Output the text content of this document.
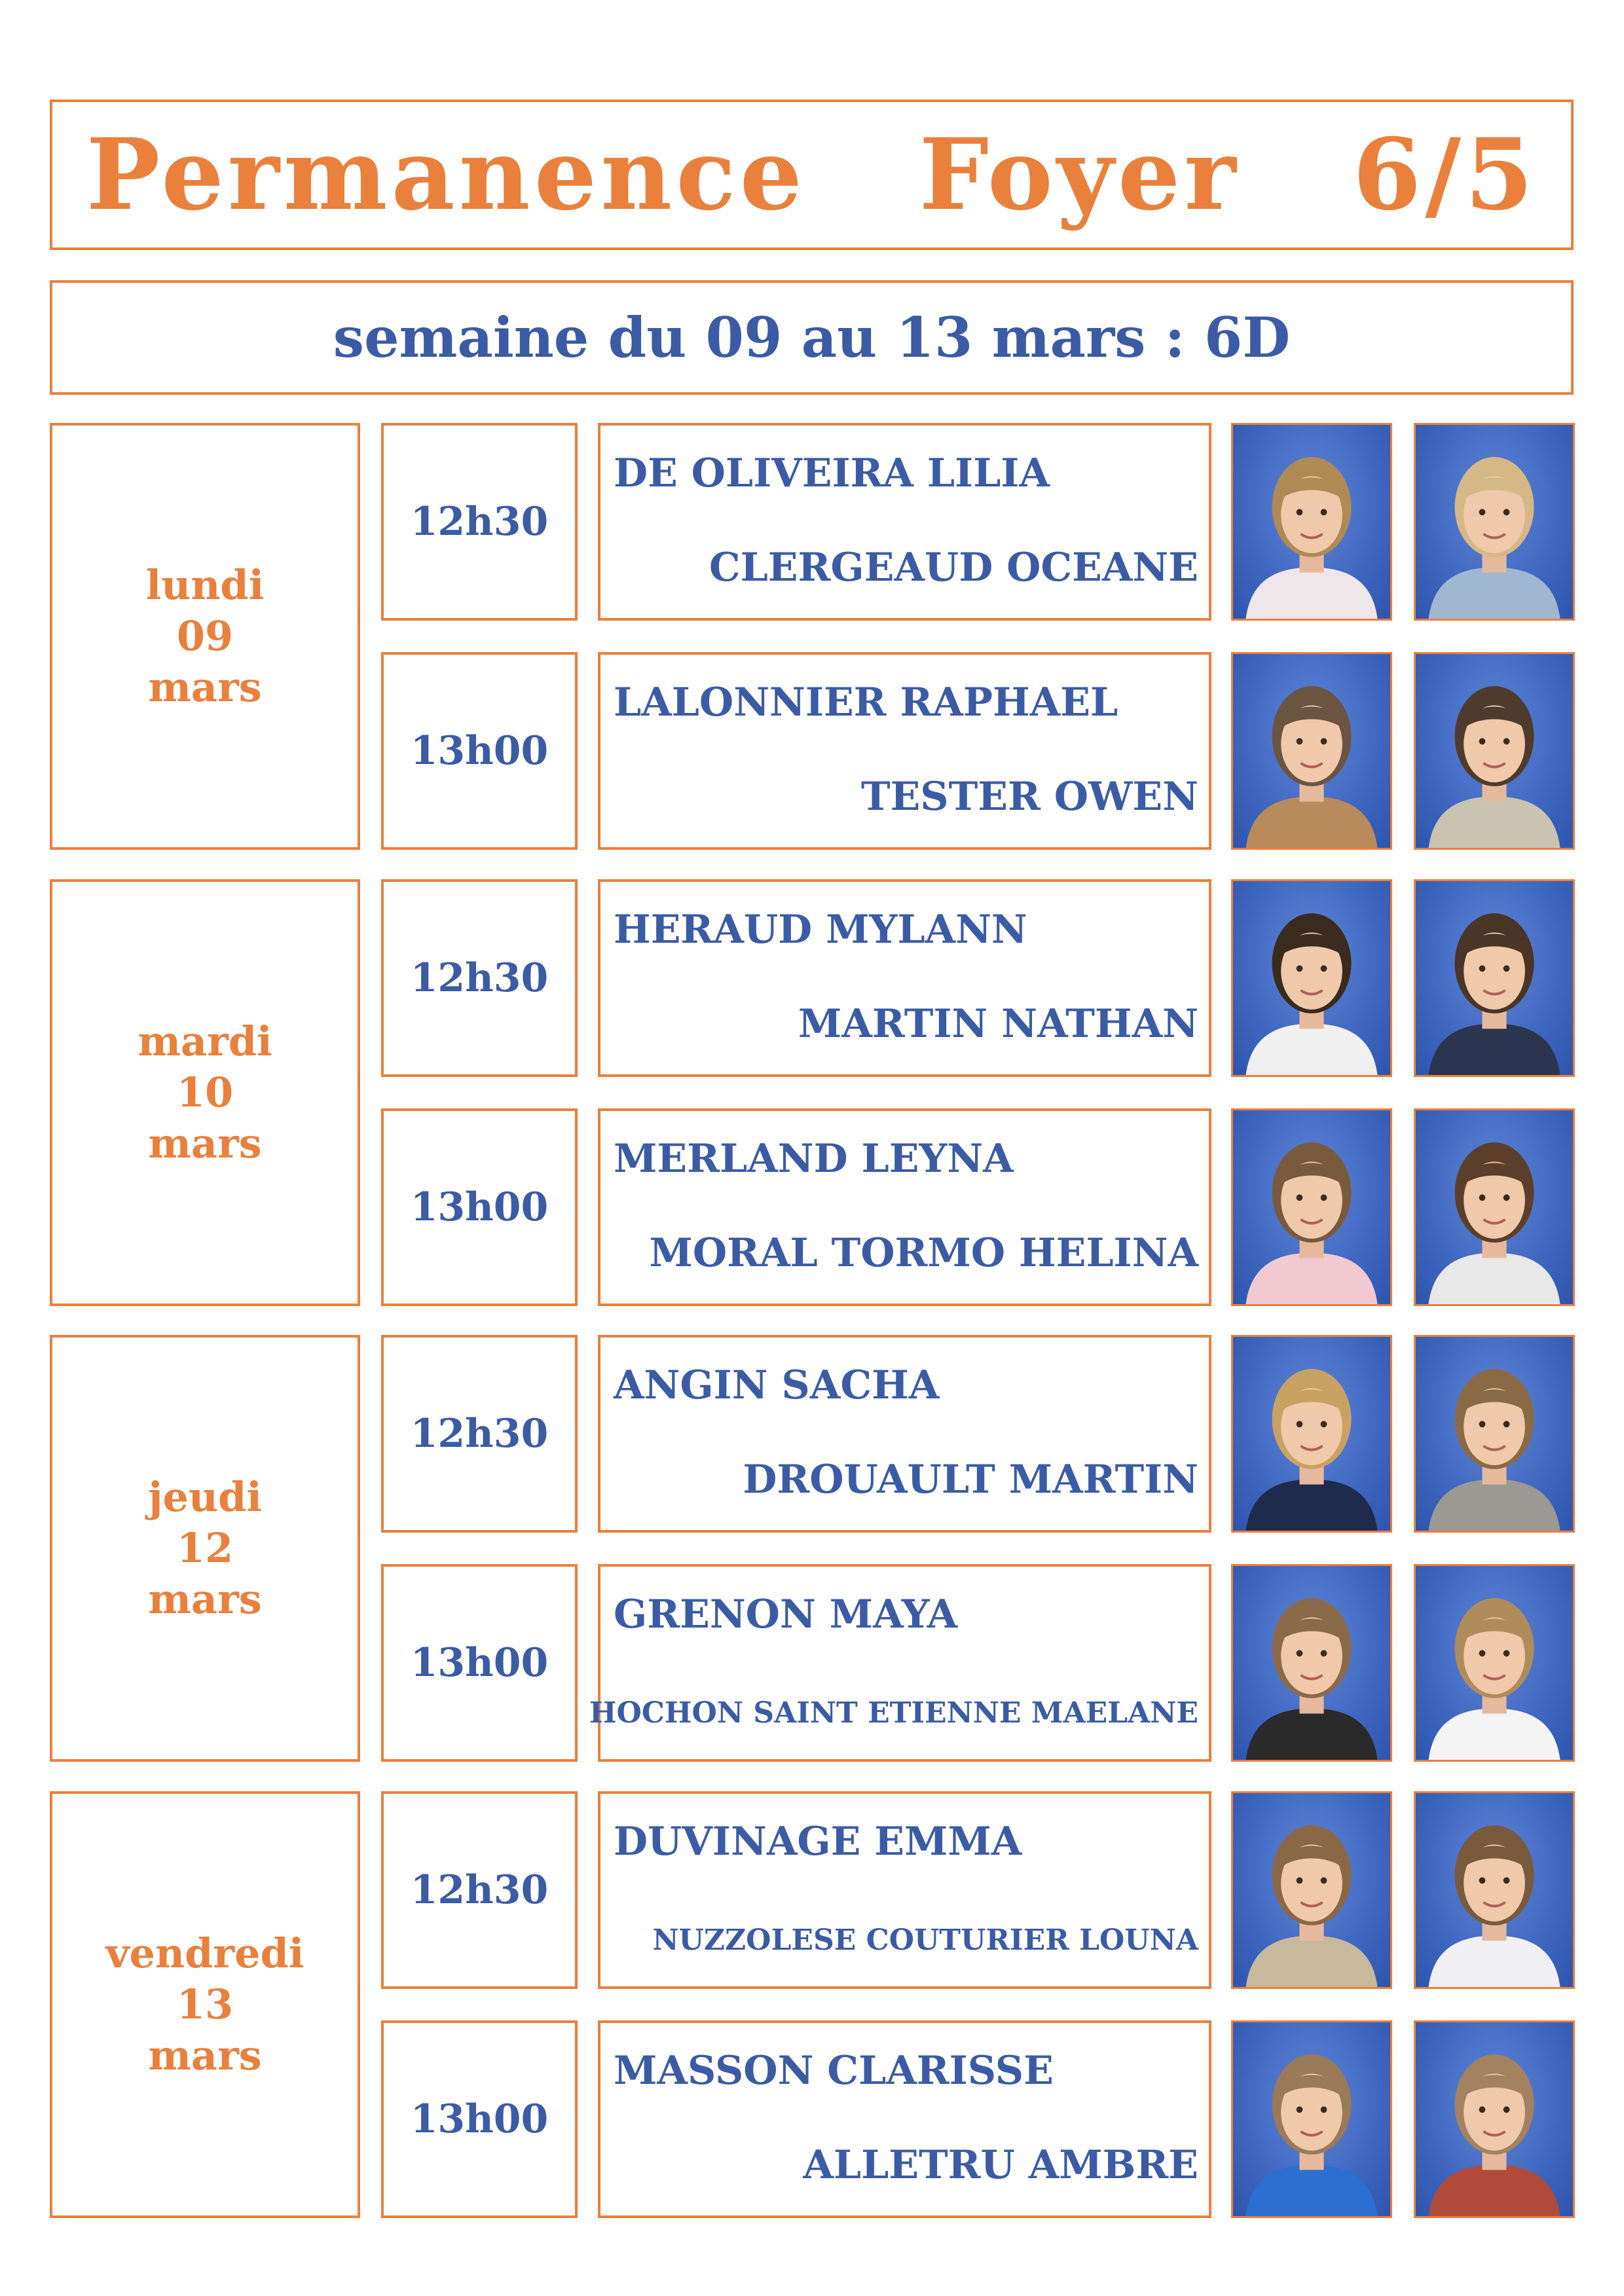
Permanence  Foyer  6/5
semaine du 09 au 13 mars : 6D
lundi
09
mars
12h30
DE OLIVEIRA LILIA
CLERGEAUD OCEANE
13h00
LALONNIER RAPHAEL
TESTER OWEN
mardi
10
mars
12h30
HERAUD MYLANN
MARTIN NATHAN
13h00
MERLAND LEYNA
MORAL TORMO HELINA
jeudi
12
mars
12h30
ANGIN SACHA
DROUAULT MARTIN
13h00
GRENON MAYA
HOCHON SAINT ETIENNE MAELANE
vendredi
13
mars
12h30
DUVINAGE EMMA
NUZZOLESE COUTURIER LOUNA
13h00
MASSON CLARISSE
ALLETRU AMBRE
